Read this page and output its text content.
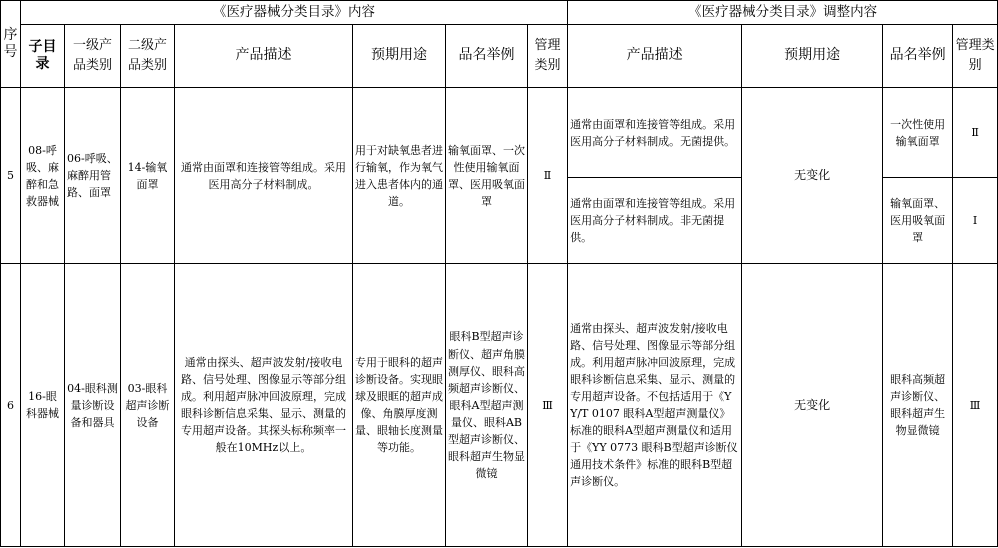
序号	《医疗器械分类目录》内容							《医疗器械分类目录》调整内容			
	子目录	一级产品类别	二级产品类别	产品描述	预期用途	品名举例	管理类别	产品描述	预期用途	品名举例	管理类别
5	08-呼吸、麻醉和急救器械	06-呼吸、麻醉用管路、面罩	14-输氧面罩	通常由面罩和连接管等组成。采用医用高分子材料制成。	用于对缺氧患者进行输氧，作为氧气进入患者体内的通道。	输氧面罩、一次性使用输氧面罩、医用吸氧面罩	Ⅱ	通常由面罩和连接管等组成。采用医用高分子材料制成。无菌提供。	无变化	一次性使用输氧面罩	Ⅱ
								通常由面罩和连接管等组成。采用医用高分子材料制成。非无菌提供。		输氧面罩、医用吸氧面罩	Ⅰ
6	16-眼科器械	04-眼科测量诊断设备和器具	03-眼科超声诊断设备	通常由探头、超声波发射/接收电路、信号处理、图像显示等部分组成。利用超声脉冲回波原理，完成眼科诊断信息采集、显示、测量的专用超声设备。其探头标称频率一般在10MHz以上。	专用于眼科的超声诊断设备。实现眼球及眼眶的超声成像、角膜厚度测量、眼轴长度测量等功能。	眼科B型超声诊断仪、超声角膜测厚仪、眼科高频超声诊断仪、眼科A型超声测量仪、眼科AB型超声诊断仪、眼科超声生物显微镜	Ⅲ	通常由探头、超声波发射/接收电路、信号处理、图像显示等部分组成。利用超声脉冲回波原理，完成眼科诊断信息采集、显示、测量的专用超声设备。不包括适用于《YY/T 0107 眼科A型超声测量仪》标准的眼科A型超声测量仪和适用于《YY 0773 眼科B型超声诊断仪通用技术条件》标准的眼科B型超声诊断仪。	无变化	眼科高频超声诊断仪、眼科超声生物显微镜	Ⅲ
